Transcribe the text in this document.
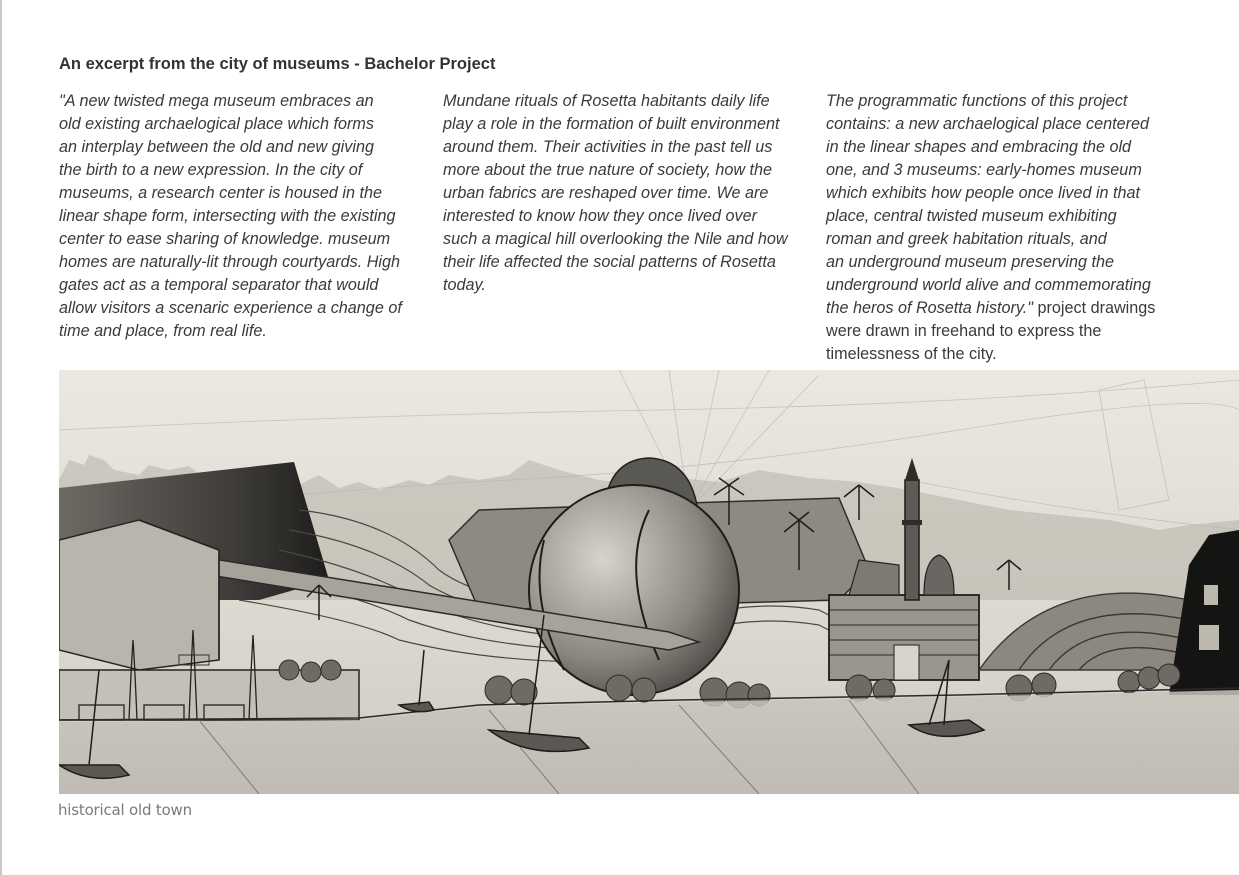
An excerpt from the city of museums - Bachelor Project

"A new twisted mega museum embraces an
old existing archaelogical place which forms
an interplay between the old and new giving
the birth to a new expression. In the city of
museums, a research center is housed in the
linear shape form, intersecting with the existing
center to ease sharing of knowledge. museum
homes are naturally-lit through courtyards. High
gates act as a temporal separator that would
allow visitors a scenaric experience a change of
time and place, from real life.

Mundane rituals of Rosetta habitants daily life
play a role in the formation of built environment
around them. Their activities in the past tell us
more about the true nature of society, how the
urban fabrics are reshaped over time. We are
interested to know how they once lived over
such a magical hill overlooking the Nile and how
their life affected the social patterns of Rosetta
today.

The programmatic functions of this project
contains: a new archaelogical place centered
in the linear shapes and embracing the old
one, and 3 museums: early-homes museum
which exhibits how people once lived in that
place, central twisted museum exhibiting
roman and greek habitation rituals, and
an underground museum preserving the
underground world alive and commemorating
the heros of Rosetta history." project drawings
were drawn in freehand to express the
timelessness of the city.

historical old town
